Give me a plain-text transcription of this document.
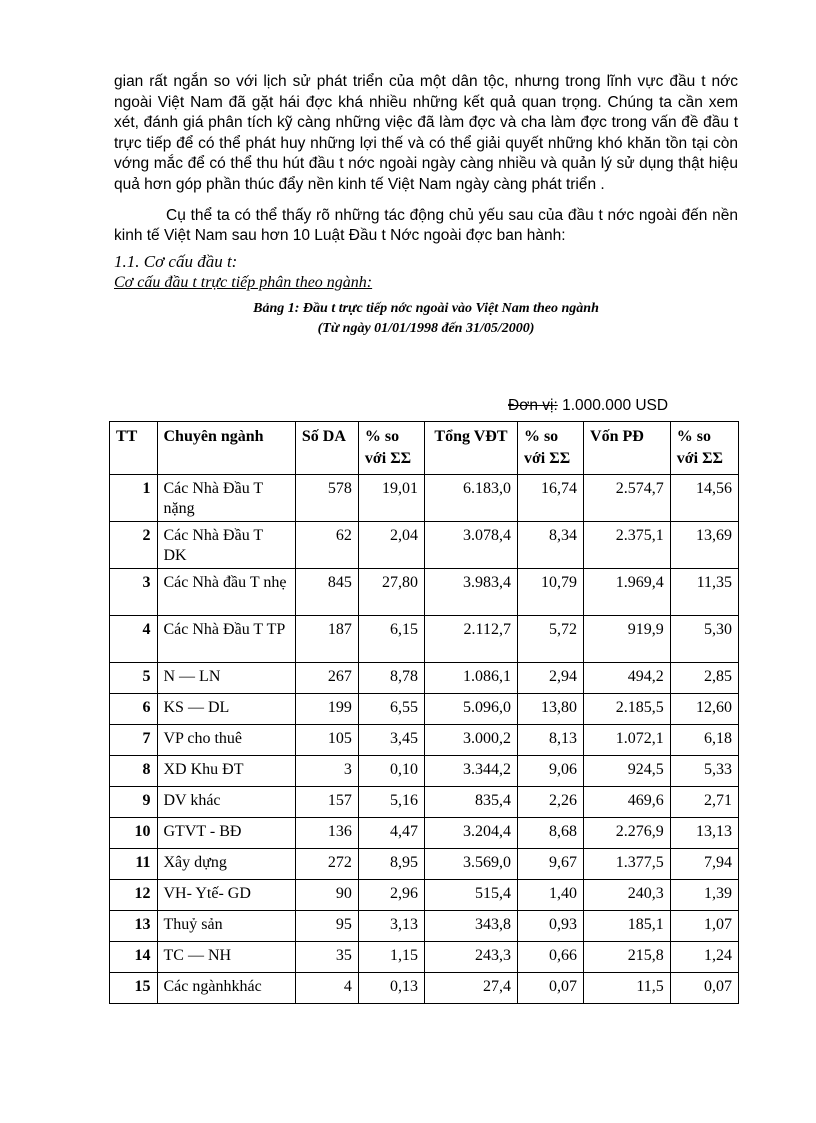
gian rất ngắn so với lịch sử phát triển của một dân tộc, nhưng trong lĩnh vực đầu t nớc ngoài Việt Nam đã gặt hái đợc khá nhiều những kết quả quan trọng. Chúng ta cần xem xét, đánh giá phân tích kỹ càng những việc đã làm đợc và cha làm đợc trong vấn đề đầu t trực tiếp để có thể phát huy những lợi thế và có thể giải quyết những khó khăn tồn tại còn vớng mắc để có thể thu hút đầu t nớc ngoài ngày càng nhiều và quản lý sử dụng thật hiệu quả hơn góp phần thúc đẩy nền kinh tế Việt Nam ngày càng phát triển .

Cụ thể ta có thể thấy rõ những tác động chủ yếu sau của đầu t nớc ngoài đến nền kinh tế Việt Nam sau hơn 10 Luật Đầu t Nớc ngoài đợc ban hành:

1.1. Cơ cấu đầu t:

Cơ cấu đầu t trực tiếp phân theo ngành:

Bảng 1: Đầu t trực tiếp nớc ngoài vào Việt Nam theo ngành
(Từ ngày 01/01/1998 đến 31/05/2000)

Đơn vị: 1.000.000 USD
TT	Chuyên ngành	Số DA	% so với ΣΣ	Tổng VĐT	% so với ΣΣ	Vốn PĐ	% so với ΣΣ
1	Các Nhà Đầu T nặng	578	19,01	6.183,0	16,74	2.574,7	14,56
2	Các Nhà Đầu T DK	62	2,04	3.078,4	8,34	2.375,1	13,69
3	Các Nhà đầu T nhẹ	845	27,80	3.983,4	10,79	1.969,4	11,35
4	Các Nhà Đầu T TP	187	6,15	2.112,7	5,72	919,9	5,30
5	N — LN	267	8,78	1.086,1	2,94	494,2	2,85
6	KS — DL	199	6,55	5.096,0	13,80	2.185,5	12,60
7	VP cho thuê	105	3,45	3.000,2	8,13	1.072,1	6,18
8	XD Khu ĐT	3	0,10	3.344,2	9,06	924,5	5,33
9	DV khác	157	5,16	835,4	2,26	469,6	2,71
10	GTVT - BĐ	136	4,47	3.204,4	8,68	2.276,9	13,13
11	Xây dựng	272	8,95	3.569,0	9,67	1.377,5	7,94
12	VH- Ytế- GD	90	2,96	515,4	1,40	240,3	1,39
13	Thuỷ sản	95	3,13	343,8	0,93	185,1	1,07
14	TC — NH	35	1,15	243,3	0,66	215,8	1,24
15	Các ngànhkhác	4	0,13	27,4	0,07	11,5	0,07
